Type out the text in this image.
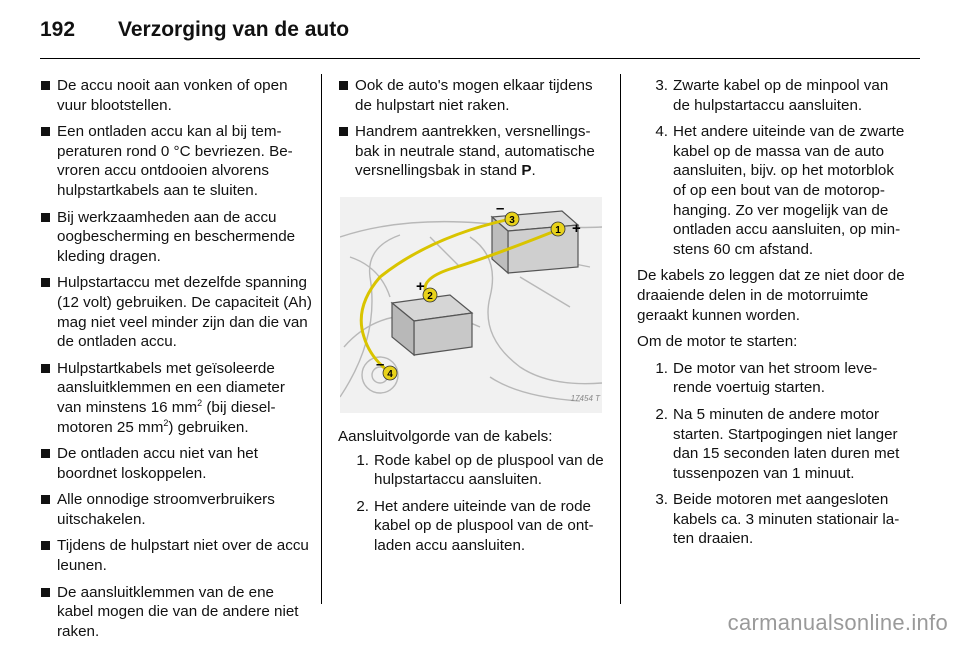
192 Verzorging van de auto
De accu nooit aan vonken of open vuur blootstellen.
Een ontladen accu kan al bij temperaturen rond 0 °C bevriezen. Bevroren accu ontdooien alvorens hulpstartkabels aan te sluiten.
Bij werkzaamheden aan de accu oogbescherming en beschermende kleding dragen.
Hulpstartaccu met dezelfde spanning (12 volt) gebruiken. De capaciteit (Ah) mag niet veel minder zijn dan die van de ontladen accu.
Hulpstartkabels met geïsoleerde aansluitklemmen en een diameter van minstens 16 $mm^2$ (bij dieselmotoren 25 $mm^2$) gebruiken.
De ontladen accu niet van het boordnet loskoppelen.
Alle onnodige stroomverbruikers uitschakelen.
Tijdens de hulpstart niet over de accu leunen.
De aansluitklemmen van de ene kabel mogen die van de andere niet raken.
Ook de auto's mogen elkaar tijdens de hulpstart niet raken.
Handrem aantrekken, versnellingsbak in neutrale stand, automatische versnellingsbak in stand P.
1
2
3
4
+
–
+
–
17454 T
Aansluitvolgorde van de kabels:
1. Rode kabel op de pluspool van de hulpstartaccu aansluiten.
2. Het andere uiteinde van de rode kabel op de pluspool van de ontladen accu aansluiten.
3. Zwarte kabel op de minpool van de hulpstartaccu aansluiten.
4. Het andere uiteinde van de zwarte kabel op de massa van de auto aansluiten, bijv. op het motorblok of op een bout van de motorophanging. Zo ver mogelijk van de ontladen accu aansluiten, op minstens 60 cm afstand.
De kabels zo leggen dat ze niet door de draaiende delen in de motorruimte geraakt kunnen worden.
Om de motor te starten:
1. De motor van het stroom leverende voertuig starten.
2. Na 5 minuten de andere motor starten. Startpogingen niet langer dan 15 seconden laten duren met tussenpozen van 1 minuut.
3. Beide motoren met aangesloten kabels ca. 3 minuten stationair laten draaien.
carmanualsonline.info
